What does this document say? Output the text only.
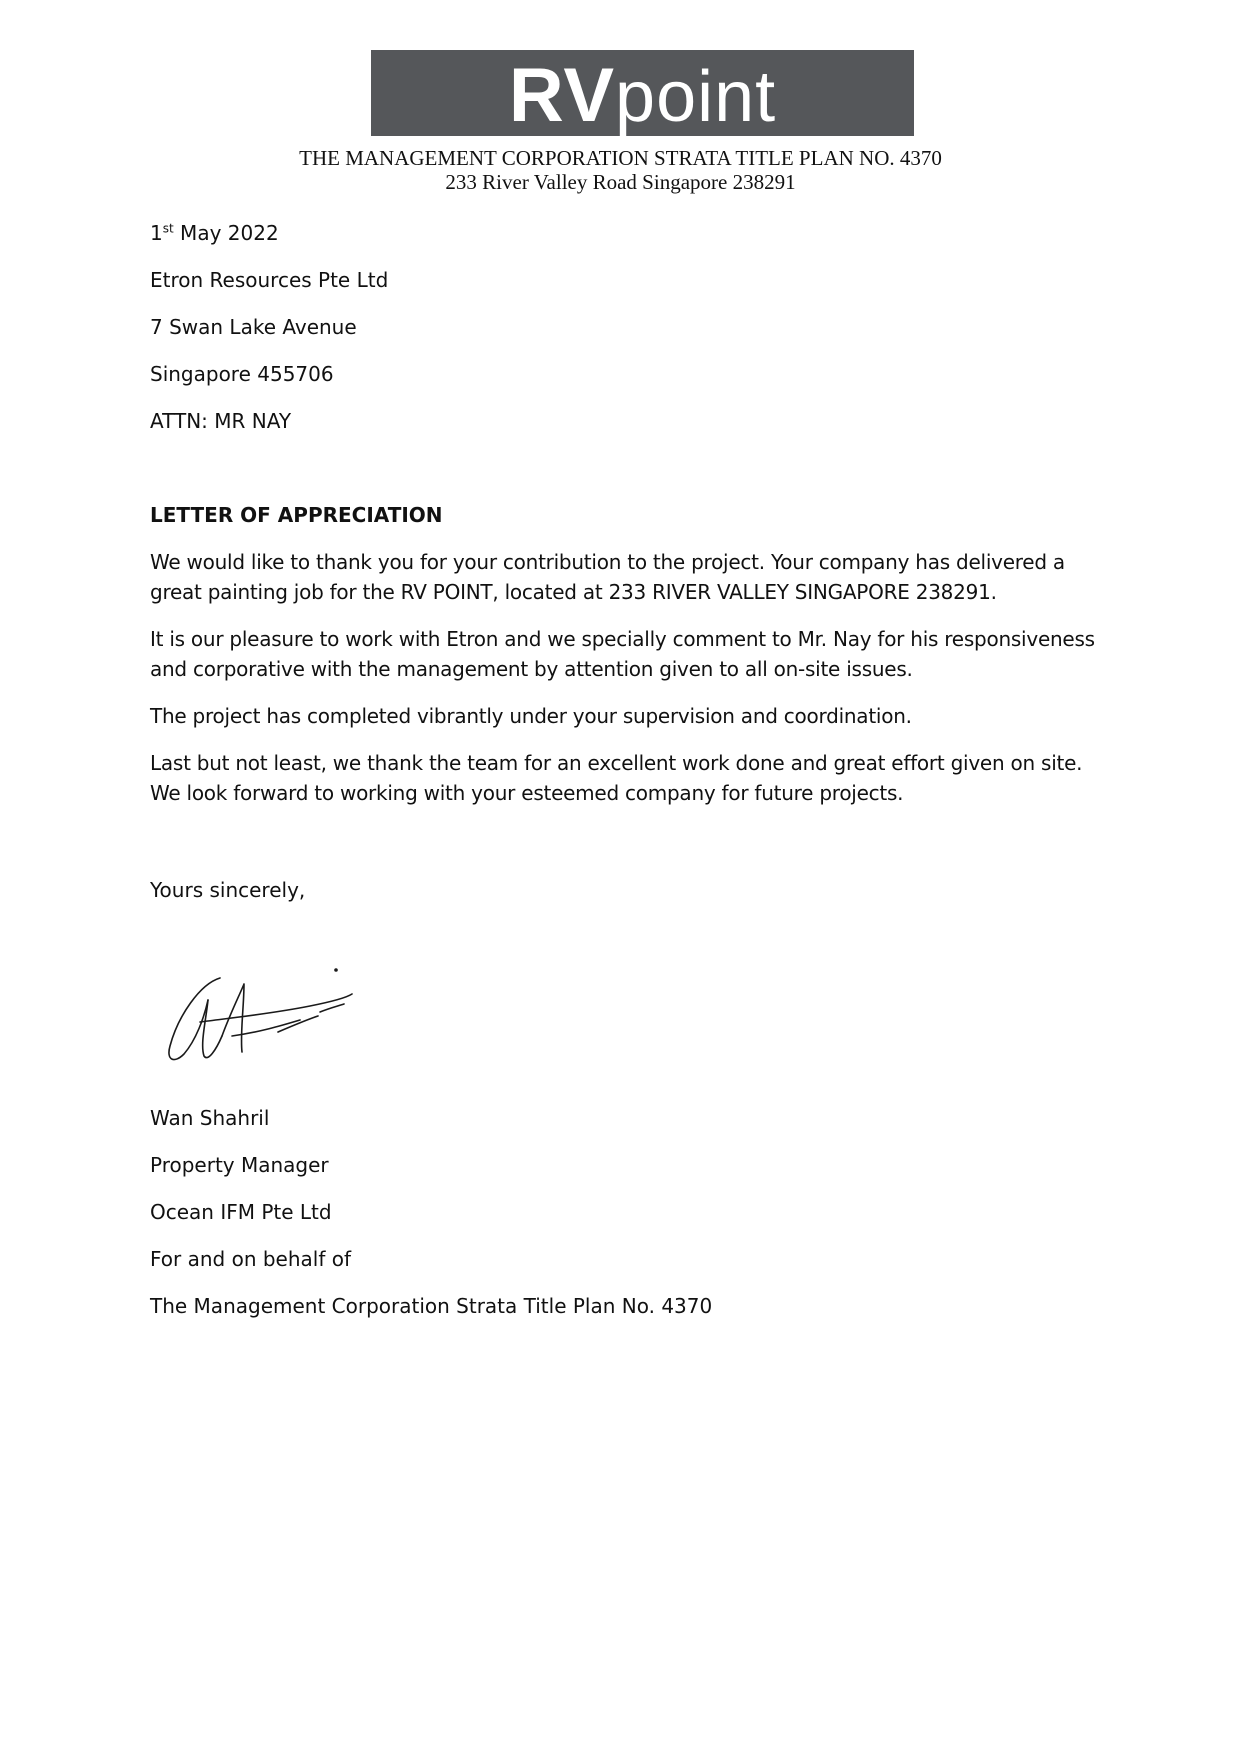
RVpoint
THE MANAGEMENT CORPORATION STRATA TITLE PLAN NO. 4370
233 River Valley Road Singapore 238291
1st May 2022
Etron Resources Pte Ltd
7 Swan Lake Avenue
Singapore 455706
ATTN: MR NAY
LETTER OF APPRECIATION
We would like to thank you for your contribution to the project. Your company has delivered a great painting job for the RV POINT, located at 233 RIVER VALLEY SINGAPORE 238291.
It is our pleasure to work with Etron and we specially comment to Mr. Nay for his responsiveness and corporative with the management by attention given to all on-site issues.
The project has completed vibrantly under your supervision and coordination.
Last but not least, we thank the team for an excellent work done and great effort given on site. We look forward to working with your esteemed company for future projects.
Yours sincerely,
Wan Shahril
Property Manager
Ocean IFM Pte Ltd
For and on behalf of
The Management Corporation Strata Title Plan No. 4370
